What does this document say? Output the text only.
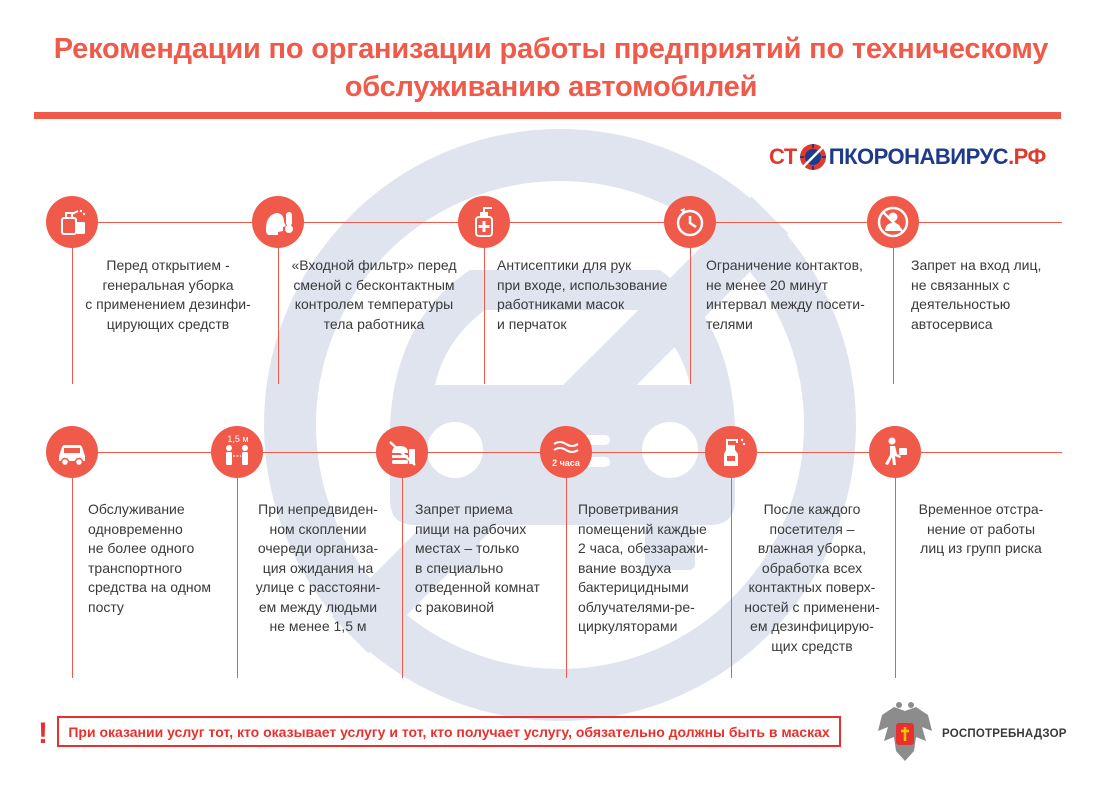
Рекомендации по организации работы предприятий по техническому
обслуживанию автомобилей
СТ ПКОРОНАВИРУС .РФ
Перед открытием -
генеральная уборка
с применением дезинфи-
цирующих средств
«Входной фильтр» перед
сменой с бесконтактным
контролем температуры
тела работника
Антисептики для рук
при входе, использование
работниками масок
и перчаток
Ограничение контактов,
не менее 20 минут
интервал между посети-
телями
Запрет на вход лиц,
не связанных с
деятельностью
автосервиса
1,5 м
2 часа
Обслуживание
одновременно
не более одного
транспортного
средства на одном
посту
При непредвиден-
ном скоплении
очереди организа-
ция ожидания на
улице с расстояни-
ем между людьми
не менее 1,5 м
Запрет приема
пищи на рабочих
местах – только
в специально
отведенной комнат
с раковиной
Проветривания
помещений каждые
2 часа, обеззаражи-
вание воздуха
бактерицидными
облучателями-ре-
циркуляторами
После каждого
посетителя –
влажная уборка,
обработка всех
контактных поверх-
ностей с применени-
ем дезинфицирую-
щих средств
Временное отстра-
нение от работы
лиц из групп риска
! При оказании услуг тот, кто оказывает услугу и тот, кто получает услугу, обязательно должны быть в масках	РОСПОТРЕБНАДЗОР
